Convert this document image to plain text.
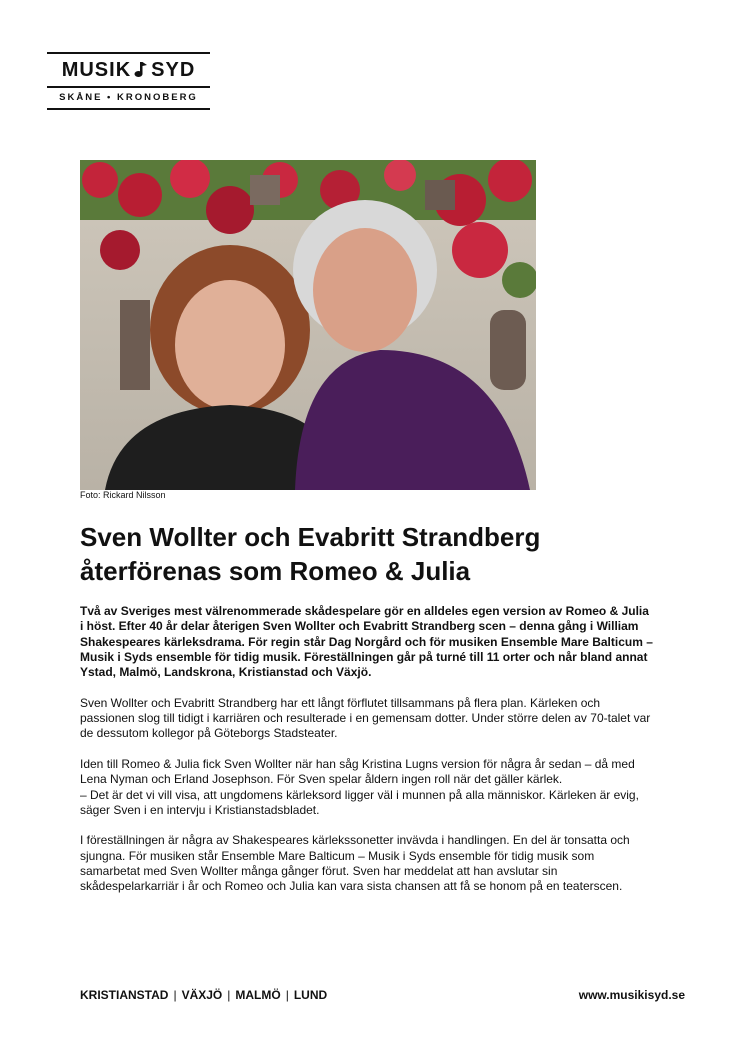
MUSIK SYD
SKÅNE • KRONOBERG
Foto: Rickard Nilsson
Sven Wollter och Evabritt Strandberg återförenas som Romeo & Julia

Två av Sveriges mest välrenommerade skådespelare gör en alldeles egen version av Romeo & Julia i höst. Efter 40 år delar återigen Sven Wollter och Evabritt Strandberg scen – denna gång i William Shakespeares kärleksdrama. För regin står Dag Norgård och för musiken Ensemble Mare Balticum – Musik i Syds ensemble för tidig musik. Föreställningen går på turné till 11 orter och når bland annat Ystad, Malmö, Landskrona, Kristianstad och Växjö.

Sven Wollter och Evabritt Strandberg har ett långt förflutet tillsammans på flera plan. Kärleken och passionen slog till tidigt i karriären och resulterade i en gemensam dotter. Under större delen av 70-talet var de dessutom kollegor på Göteborgs Stadsteater.

Iden till Romeo & Julia fick Sven Wollter när han såg Kristina Lugns version för några år sedan – då med Lena Nyman och Erland Josephson. För Sven spelar åldern ingen roll när det gäller kärlek.

– Det är det vi vill visa, att ungdomens kärleksord ligger väl i munnen på alla människor. Kärleken är evig, säger Sven i en intervju i Kristianstadsbladet.

I föreställningen är några av Shakespeares kärlekssonetter invävda i handlingen. En del är tonsatta och sjungna. För musiken står Ensemble Mare Balticum – Musik i Syds ensemble för tidig musik som samarbetat med Sven Wollter många gånger förut. Sven har meddelat att han avslutar sin skådespelarkarriär i år och Romeo och Julia kan vara sista chansen att få se honom på en teaterscen.

KRISTIANSTAD | VÄXJÖ | MALMÖ | LUND	www.musikisyd.se
